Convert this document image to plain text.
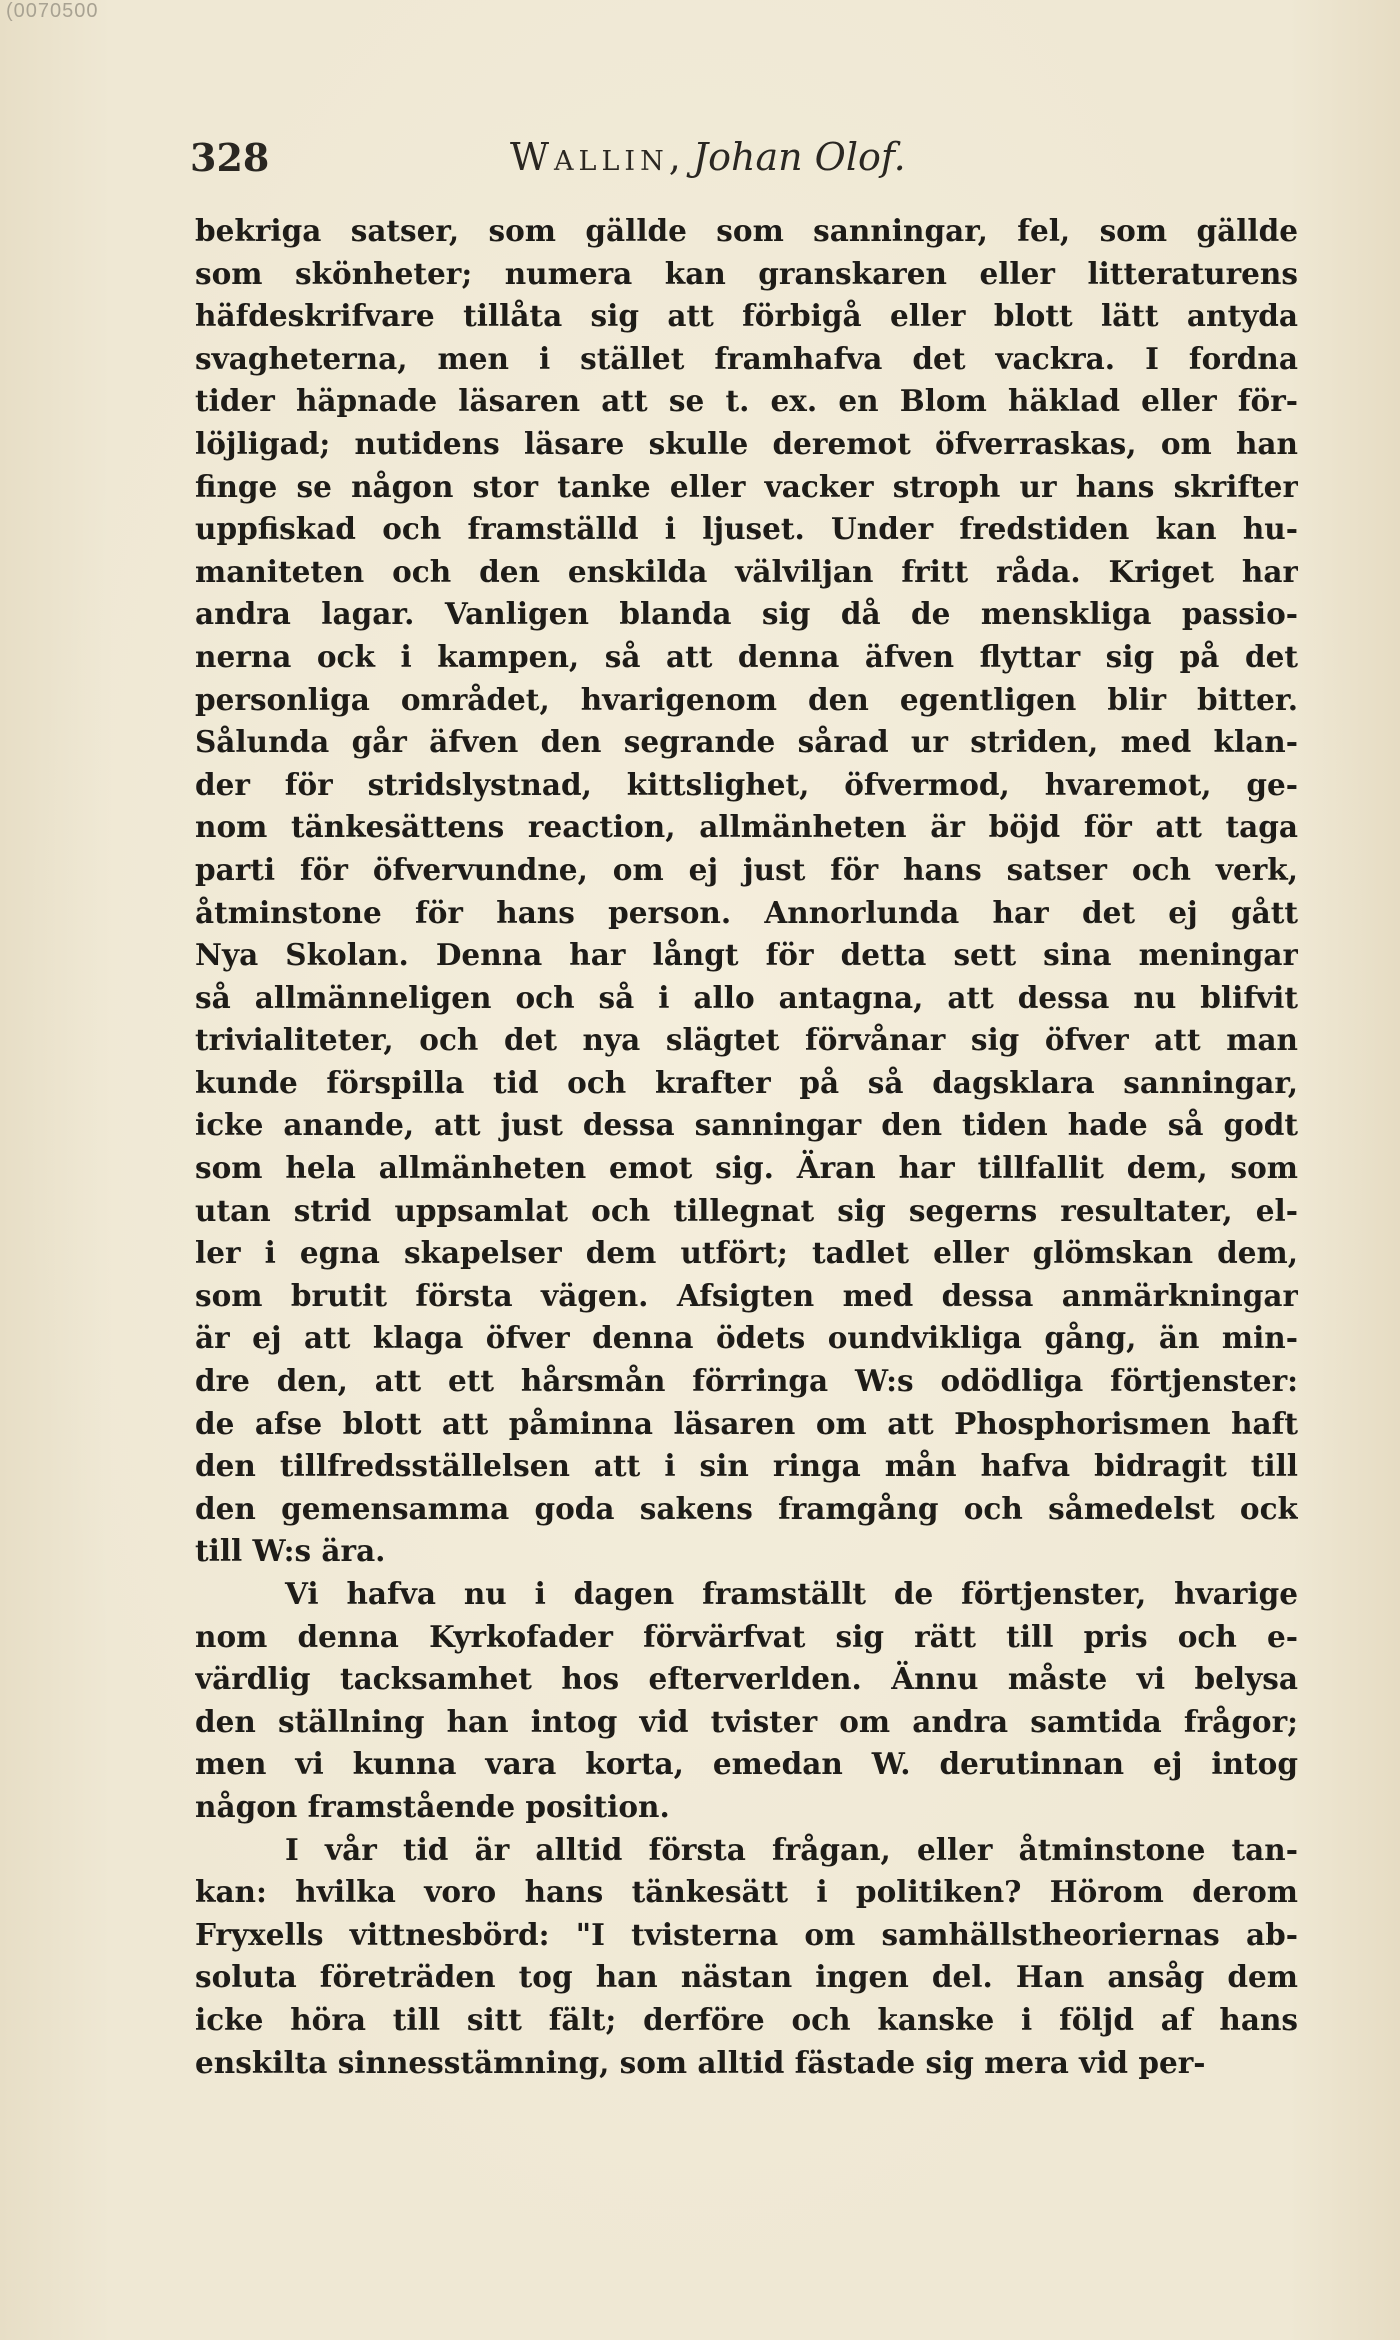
(0070500
328	Wallin, Johan Olof.
bekriga satser, som gällde som sanningar, fel, som gällde
som skönheter; numera kan granskaren eller litteraturens
häfdeskrifvare tillåta sig att förbigå eller blott lätt antyda
svagheterna, men i stället framhafva det vackra. I fordna
tider häpnade läsaren att se t. ex. en Blom häklad eller för-
löjligad; nutidens läsare skulle deremot öfverraskas, om han
finge se någon stor tanke eller vacker stroph ur hans skrifter
uppfiskad och framställd i ljuset. Under fredstiden kan hu-
maniteten och den enskilda välviljan fritt råda. Kriget har
andra lagar. Vanligen blanda sig då de menskliga passio-
nerna ock i kampen, så att denna äfven flyttar sig på det
personliga området, hvarigenom den egentligen blir bitter.
Sålunda går äfven den segrande sårad ur striden, med klan-
der för stridslystnad, kittslighet, öfvermod, hvaremot, ge-
nom tänkesättens reaction, allmänheten är böjd för att taga
parti för öfvervundne, om ej just för hans satser och verk,
åtminstone för hans person. Annorlunda har det ej gått
Nya Skolan. Denna har långt för detta sett sina meningar
så allmänneligen och så i allo antagna, att dessa nu blifvit
trivialiteter, och det nya slägtet förvånar sig öfver att man
kunde förspilla tid och krafter på så dagsklara sanningar,
icke anande, att just dessa sanningar den tiden hade så godt
som hela allmänheten emot sig. Äran har tillfallit dem, som
utan strid uppsamlat och tillegnat sig segerns resultater, el-
ler i egna skapelser dem utfört; tadlet eller glömskan dem,
som brutit första vägen. Afsigten med dessa anmärkningar
är ej att klaga öfver denna ödets oundvikliga gång, än min-
dre den, att ett hårsmån förringa W:s odödliga förtjenster:
de afse blott att påminna läsaren om att Phosphorismen haft
den tillfredsställelsen att i sin ringa mån hafva bidragit till
den gemensamma goda sakens framgång och såmedelst ock
till W:s ära.
Vi hafva nu i dagen framställt de förtjenster, hvarige
nom denna Kyrkofader förvärfvat sig rätt till pris och e-
värdlig tacksamhet hos efterverlden. Ännu måste vi belysa
den ställning han intog vid tvister om andra samtida frågor;
men vi kunna vara korta, emedan W. derutinnan ej intog
någon framstående position.
I vår tid är alltid första frågan, eller åtminstone tan-
kan: hvilka voro hans tänkesätt i politiken? Hörom derom
Fryxells vittnesbörd: "I tvisterna om samhällstheoriernas ab-
soluta företräden tog han nästan ingen del. Han ansåg dem
icke höra till sitt fält; derföre och kanske i följd af hans
enskilta sinnesstämning, som alltid fästade sig mera vid per-
